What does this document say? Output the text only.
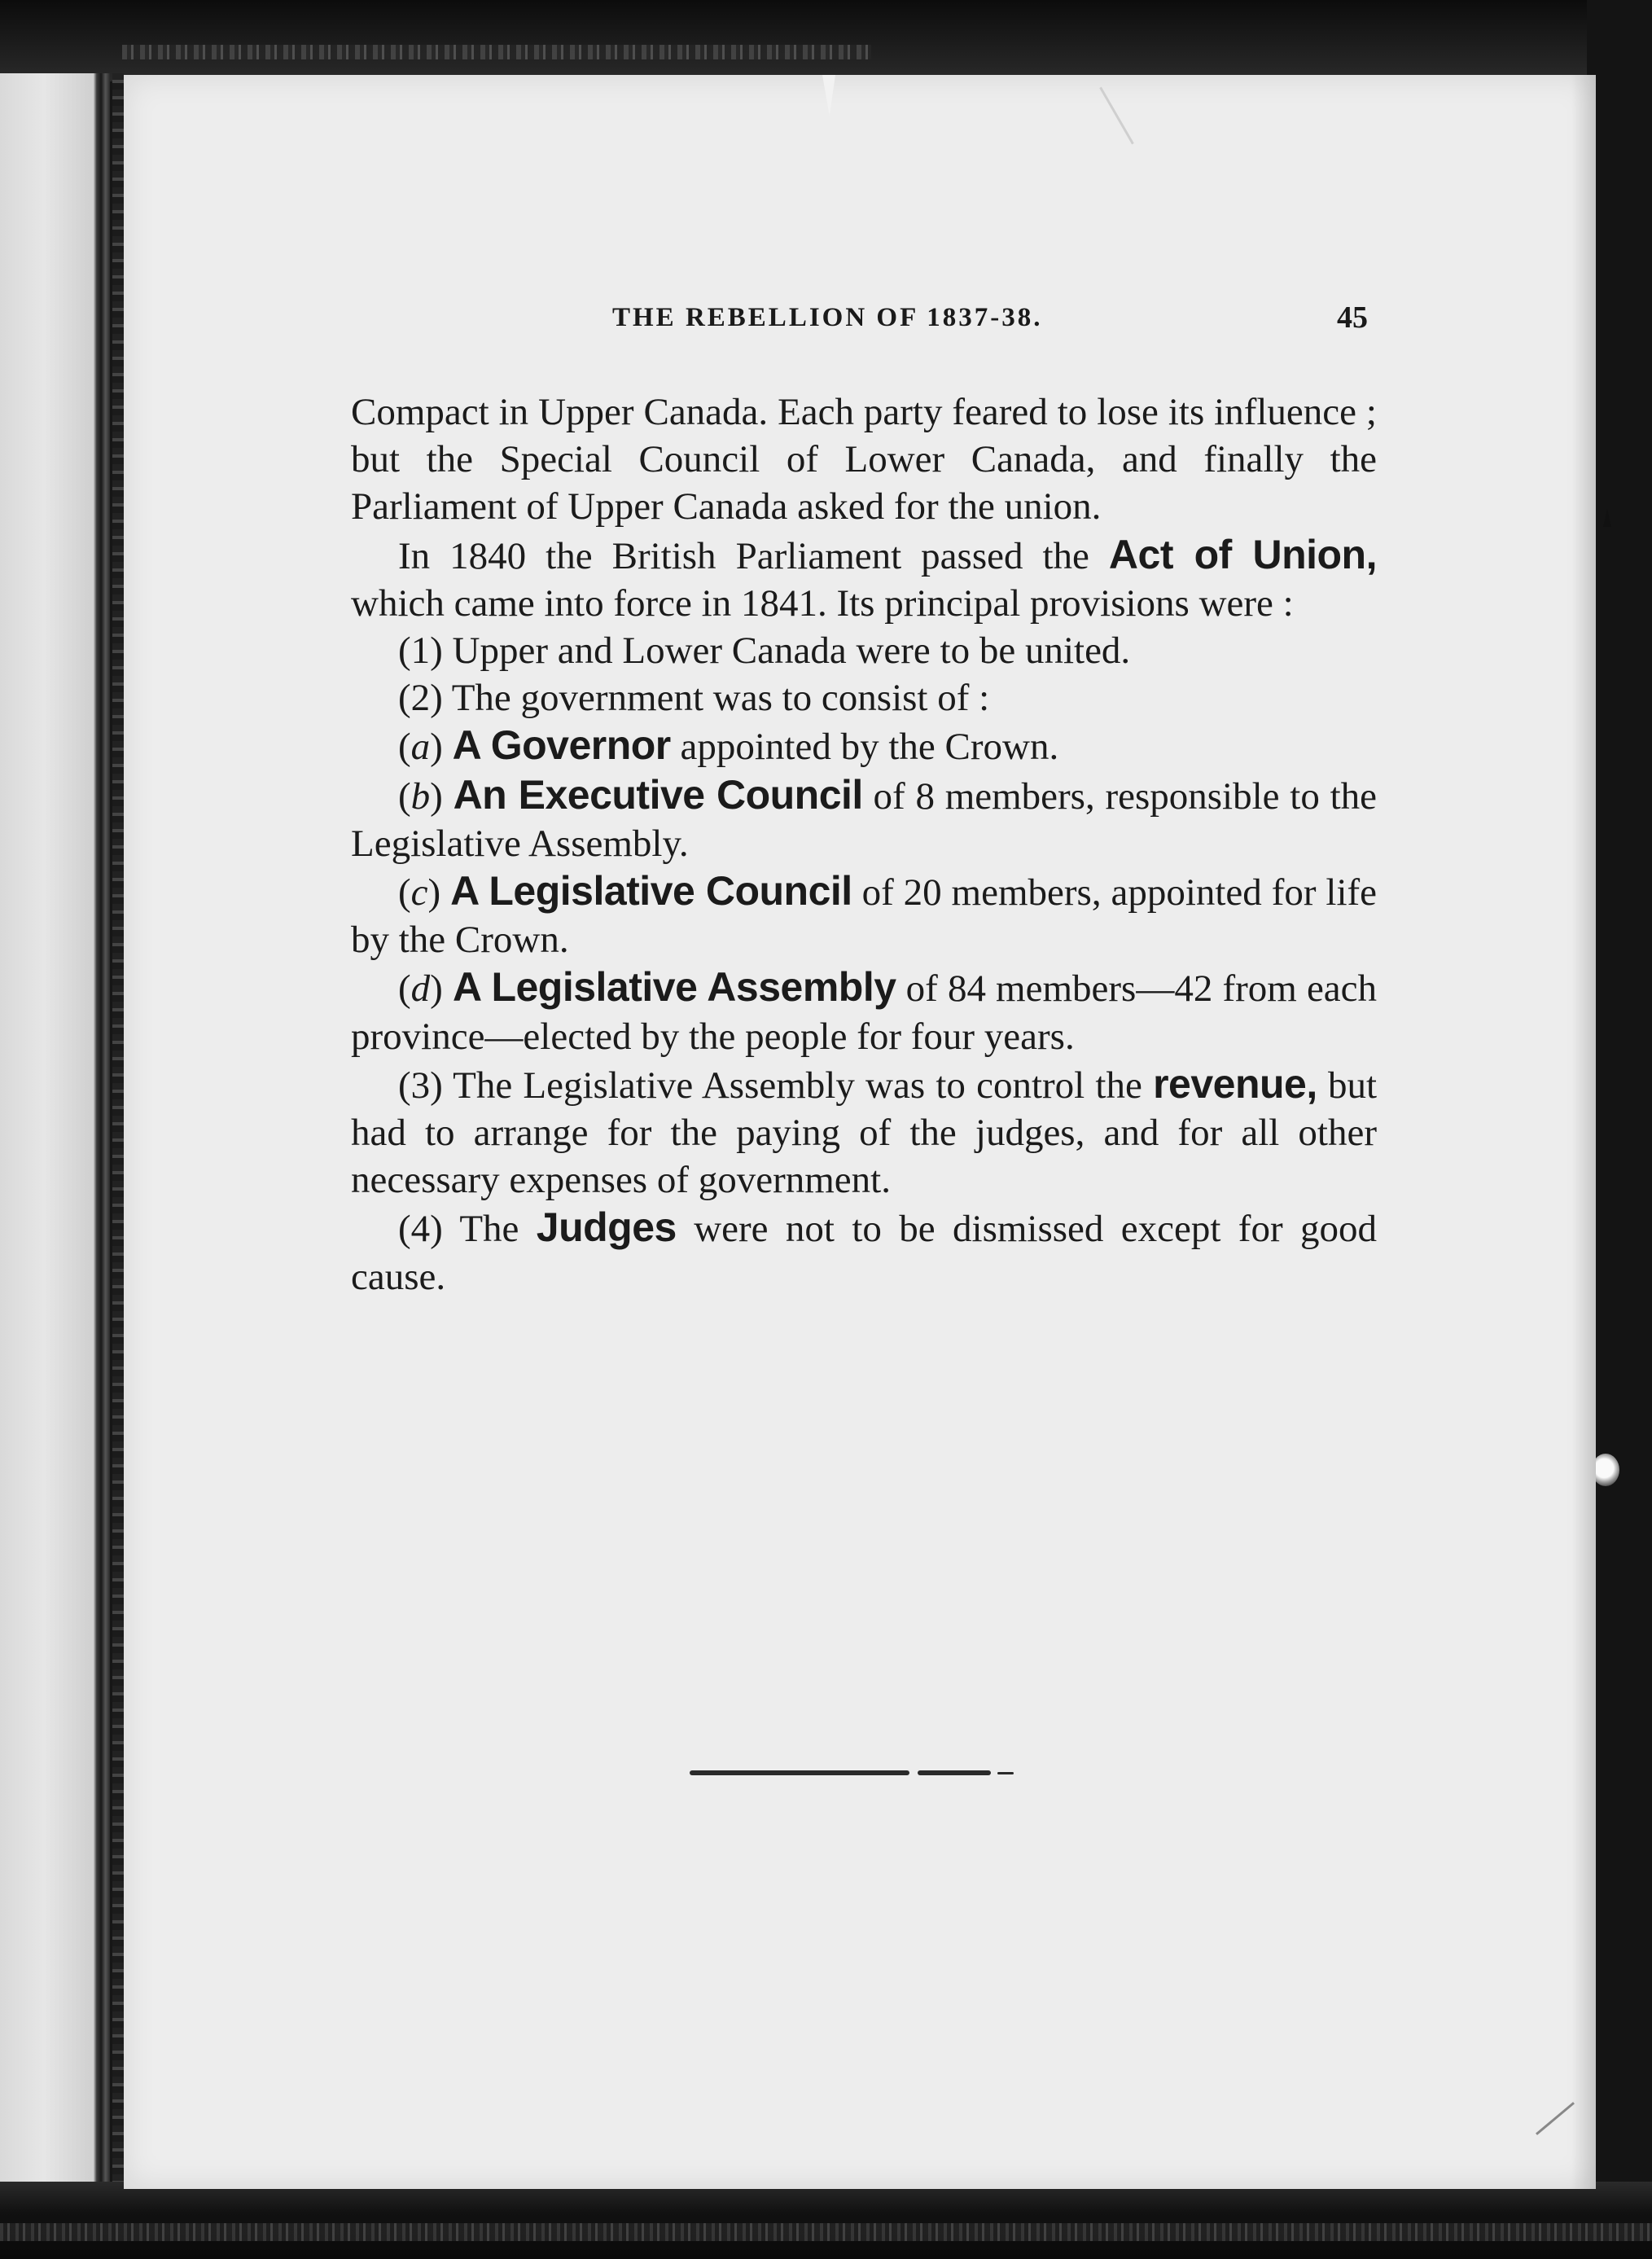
THE REBELLION OF 1837-38.	45

Compact in Upper Canada. Each party feared to lose its influence ; but the Special Council of Lower Canada, and finally the Parliament of Upper Canada asked for the union.

In 1840 the British Parliament passed the Act of Union, which came into force in 1841. Its principal provisions were :

(1) Upper and Lower Canada were to be united.

(2) The government was to consist of :

(a) A Governor appointed by the Crown.

(b) An Executive Council of 8 members, responsible to the Legislative Assembly.

(c) A Legislative Council of 20 members, appointed for life by the Crown.

(d) A Legislative Assembly of 84 members—42 from each province—elected by the people for four years.

(3) The Legislative Assembly was to control the revenue, but had to arrange for the paying of the judges, and for all other necessary expenses of government.

(4) The Judges were not to be dismissed except for good cause.
